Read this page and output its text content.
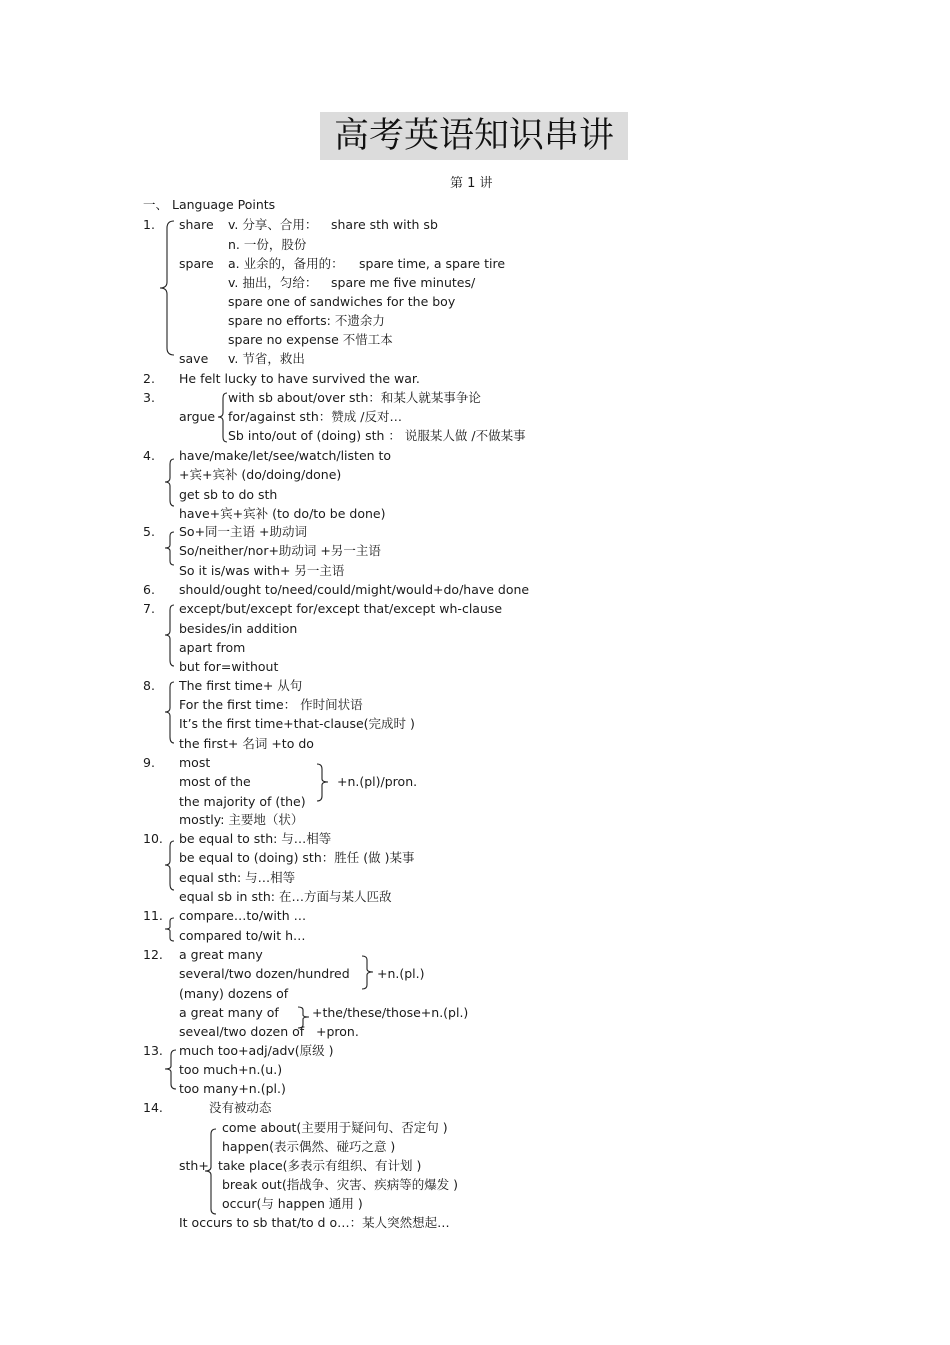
高考英语知识串讲
第 1 讲
一、 Language Points
1. share v. 分享、合用： share sth with sb
n. 一份，股份
spare a. 业余的，备用的： spare time, a spare tire
v. 抽出，匀给： spare me five minutes/
spare one of sandwiches for the boy
spare no efforts: 不遗余力
spare no expense 不惜工本
save v. 节省，救出
2. He felt lucky to have survived the war.
3.
argue
with sb about/over sth：和某人就某事争论
for/against sth：赞成 /反对…
Sb into/out of (doing) sth ： 说服某人做 /不做某事
4. have/make/let/see/watch/listen to
+宾+宾补 (do/doing/done)
get sb to do sth
have+宾+宾补 (to do/to be done)
5. So+同一主语 +助动词
So/neither/nor+助动词 +另一主语
So it is/was with+ 另一主语
6. should/ought to/need/could/might/would+do/have done
7. except/but/except for/except that/except wh-clause
besides/in addition
apart from
but for=without
8. The first time+ 从句
For the first time： 作时间状语
It’s the first time+that-clause(完成时 )
the first+ 名词 +to do
9. most
most of the
the majority of (the)
+n.(pl)/pron.
mostly: 主要地（状）
10. be equal to sth: 与…相等
be equal to (doing) sth：胜任 (做 )某事
equal sth: 与…相等
equal sb in sth: 在…方面与某人匹敌
11. compare…to/with …
compared to/wit h…
12. a great many
several/two dozen/hundred +n.(pl.)
(many) dozens of
a great many of	+the/these/those+n.(pl.)
seveal/two dozen of +pron.
13. much too+adj/adv(原级 )
too much+n.(u.)
too many+n.(pl.)
14.	没有被动态
sth+
come about(主要用于疑问句、否定句 )
happen(表示偶然、碰巧之意 )
take place(多表示有组织、有计划 )
break out(指战争、灾害、疾病等的爆发 )
occur(与 happen 通用 )
It occurs to sb that/to d o…：某人突然想起…
